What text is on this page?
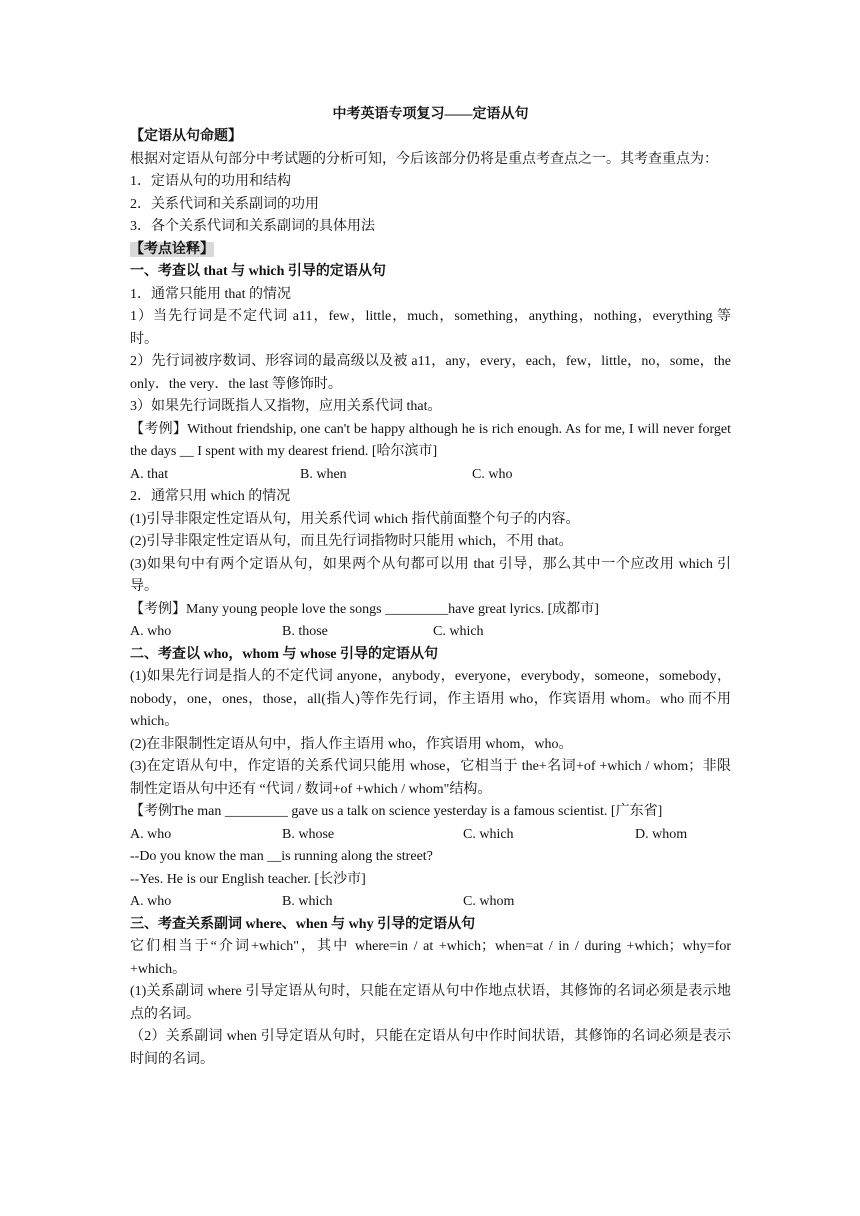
中考英语专项复习——定语从句

【定语从句命题】

根据对定语从句部分中考试题的分析可知，今后该部分仍将是重点考查点之一。其考查重点为：

1．定语从句的功用和结构

2．关系代词和关系副词的功用

3．各个关系代词和关系副词的具体用法

【考点诠释】

一、考查以 that 与 which 引导的定语从句

1．通常只能用 that 的情况

1）当先行词是不定代词 a11，few，little，much，something，anything，nothing，everything 等时。

2）先行词被序数词、形容词的最高级以及被 a11，any，every，each，few，little，no，some，the only．the very．the last 等修饰时。

3）如果先行词既指人又指物，应用关系代词 that。

【考例】Without friendship, one can't be happy although he is rich enough. As for me, I will never forget the days __ I spent with my dearest friend. [哈尔滨市]

A. that	B. when	C. who

2．通常只用 which 的情况

(1)引导非限定性定语从句，用关系代词 which 指代前面整个句子的内容。

(2)引导非限定性定语从句，而且先行词指物时只能用 which，不用 that。

(3)如果句中有两个定语从句，如果两个从句都可以用 that 引导，那么其中一个应改用 which 引导。

【考例】Many young people love the songs _________have great lyrics. [成都市]

A. who	B. those	C. which

二、考查以 who，whom 与 whose 引导的定语从句

(1)如果先行词是指人的不定代词 anyone，anybody，everyone，everybody，someone，somebody，nobody，one，ones，those，all(指人)等作先行词，作主语用 who，作宾语用 whom。who 而不用 which。

(2)在非限制性定语从句中，指人作主语用 who，作宾语用 whom，who。

(3)在定语从句中，作定语的关系代词只能用 whose，它相当于 the+名词+of +which / whom；非限制性定语从句中还有 “代词 / 数词+of +which / whom"结构。

【考例The man _________ gave us a talk on science yesterday is a famous scientist. [广东省]

A. who	B. whose	C. which	D. whom

--Do you know the man __is running along the street?

--Yes. He is our English teacher. [长沙市]

A. who	B. which	C. whom

三、考查关系副词 where、when 与 why 引导的定语从句

它们相当于“介词+which"，其中 where=in / at +which；when=at / in / during +which；why=for +which。

(1)关系副词 where 引导定语从句时，只能在定语从句中作地点状语，其修饰的名词必须是表示地点的名词。

（2）关系副词 when 引导定语从句时，只能在定语从句中作时间状语，其修饰的名词必须是表示时间的名词。
